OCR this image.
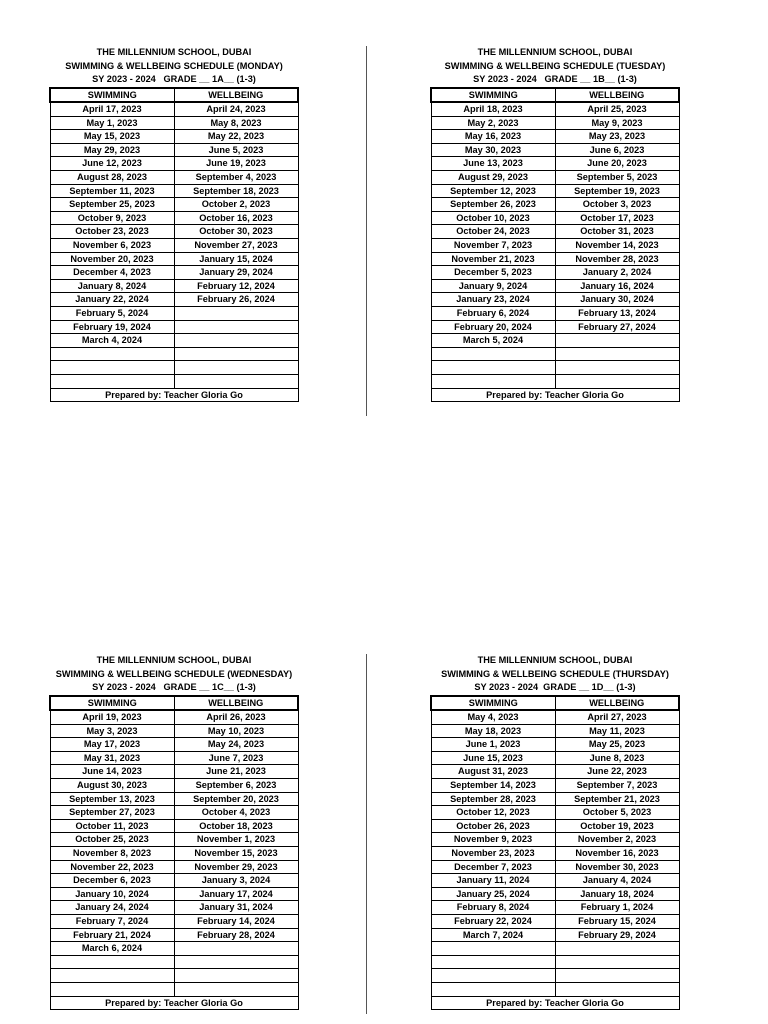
THE MILLENNIUM SCHOOL, DUBAI
SWIMMING & WELLBEING SCHEDULE (MONDAY)
SY 2023 - 2024   GRADE __ 1A__ (1-3)
SWIMMING	WELLBEING
April 17, 2023	April 24, 2023
May 1, 2023	May 8, 2023
May 15, 2023	May 22, 2023
May 29, 2023	June 5, 2023
June 12, 2023	June 19, 2023
August 28, 2023	September 4, 2023
September 11, 2023	September 18, 2023
September 25, 2023	October 2, 2023
October 9, 2023	October 16, 2023
October 23, 2023	October 30, 2023
November 6, 2023	November 27, 2023
November 20, 2023	January 15, 2024
December 4, 2023	January 29, 2024
January 8, 2024	February 12, 2024
January 22, 2024	February 26, 2024
February 5, 2024	
February 19, 2024	
March 4, 2024	

Prepared by: Teacher Gloria Go	
THE MILLENNIUM SCHOOL, DUBAI
SWIMMING & WELLBEING SCHEDULE (TUESDAY)
SY 2023 - 2024   GRADE __ 1B__ (1-3)
SWIMMING	WELLBEING
April 18, 2023	April 25, 2023
May 2, 2023	May 9, 2023
May 16, 2023	May 23, 2023
May 30, 2023	June 6, 2023
June 13, 2023	June 20, 2023
August 29, 2023	September 5, 2023
September 12, 2023	September 19, 2023
September 26, 2023	October 3, 2023
October 10, 2023	October 17, 2023
October 24, 2023	October 31, 2023
November 7, 2023	November 14, 2023
November 21, 2023	November 28, 2023
December 5, 2023	January 2, 2024
January 9, 2024	January 16, 2024
January 23, 2024	January 30, 2024
February 6, 2024	February 13, 2024
February 20, 2024	February 27, 2024
March 5, 2024	

Prepared by: Teacher Gloria Go	
THE MILLENNIUM SCHOOL, DUBAI
SWIMMING & WELLBEING SCHEDULE (WEDNESDAY)
SY 2023 - 2024   GRADE __ 1C__ (1-3)
SWIMMING	WELLBEING
April 19, 2023	April 26, 2023
May 3, 2023	May 10, 2023
May 17, 2023	May 24, 2023
May 31, 2023	June 7, 2023
June 14, 2023	June 21, 2023
August 30, 2023	September 6, 2023
September 13, 2023	September 20, 2023
September 27, 2023	October 4, 2023
October 11, 2023	October 18, 2023
October 25, 2023	November 1, 2023
November 8, 2023	November 15, 2023
November 22, 2023	November 29, 2023
December 6, 2023	January 3, 2024
January 10, 2024	January 17, 2024
January 24, 2024	January 31, 2024
February 7, 2024	February 14, 2024
February 21, 2024	February 28, 2024
March 6, 2024	

Prepared by: Teacher Gloria Go	
THE MILLENNIUM SCHOOL, DUBAI
SWIMMING & WELLBEING SCHEDULE (THURSDAY)
SY 2023 - 2024  GRADE __ 1D__ (1-3)
SWIMMING	WELLBEING
May 4, 2023	April 27, 2023
May 18, 2023	May 11, 2023
June 1, 2023	May 25, 2023
June 15, 2023	June 8, 2023
August 31, 2023	June 22, 2023
September 14, 2023	September 7, 2023
September 28, 2023	September 21, 2023
October 12, 2023	October 5, 2023
October 26, 2023	October 19, 2023
November 9, 2023	November 2, 2023
November 23, 2023	November 16, 2023
December 7, 2023	November 30, 2023
January 11, 2024	January 4, 2024
January 25, 2024	January 18, 2024
February 8, 2024	February 1, 2024
February 22, 2024	February 15, 2024
March 7, 2024	February 29, 2024

Prepared by: Teacher Gloria Go	
